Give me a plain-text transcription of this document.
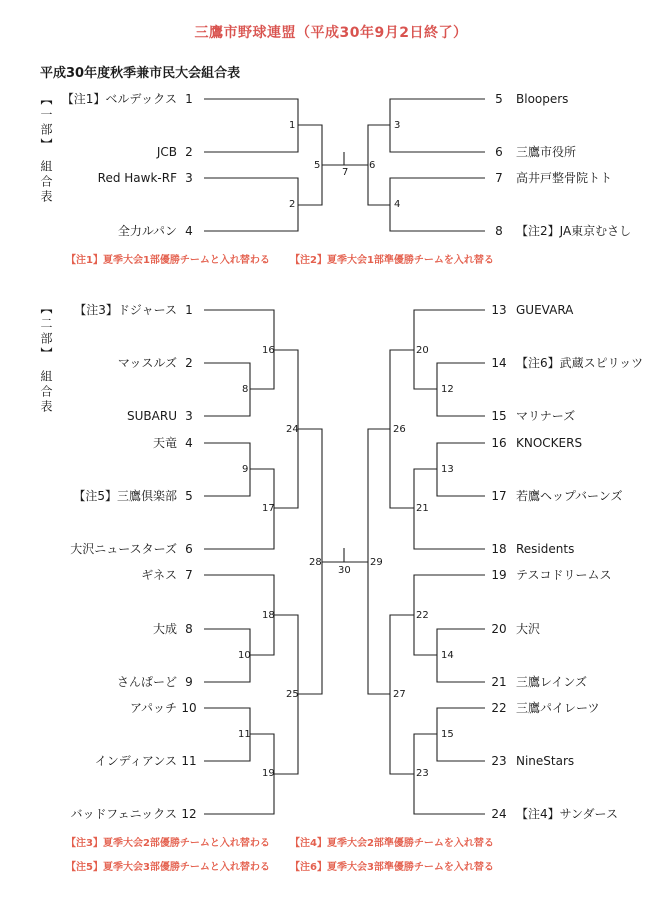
三鷹市野球連盟（平成30年9月2日終了）
平成30年度秋季兼市民大会組合表
【一部】
組合表
【二部】
組合表
【注1】ベルデックス 1
JCB 2
Red Hawk-RF 3
全力ルパン 4
5	Bloopers
6	三鷹市役所
7	高井戸整骨院トト
8	【注2】JA東京むさし
1
2
3
4
5	6
7
【注1】夏季大会1部優勝チームと入れ替わる 【注2】夏季大会1部準優勝チームを入れ替る
【注3】ドジャース 1
マッスルズ 2
SUBARU 3
天竜 4
【注5】三鷹倶楽部 5
大沢ニュースターズ 6
ギネス 7
大成 8
さんぱーど 9
アパッチ 10
インディアンス 11
バッドフェニックス 12
13 GUEVARA
14 【注6】武蔵スピリッツ
15 マリナーズ
16 KNOCKERS
17 若鷹ヘップバーンズ
18 Residents
19 テスコドリームス
20 大沢
21 三鷹レインズ
22 三鷹パイレーツ
23 NineStars
24 【注4】サンダース
8
9
10
11
16
17
18
19
24
25
28
12
13
14
15
20
21
22
23
26
27
29
30
【注3】夏季大会2部優勝チームと入れ替わる 【注4】夏季大会2部準優勝チームを入れ替る
【注5】夏季大会3部優勝チームと入れ替わる 【注6】夏季大会3部準優勝チームを入れ替る
